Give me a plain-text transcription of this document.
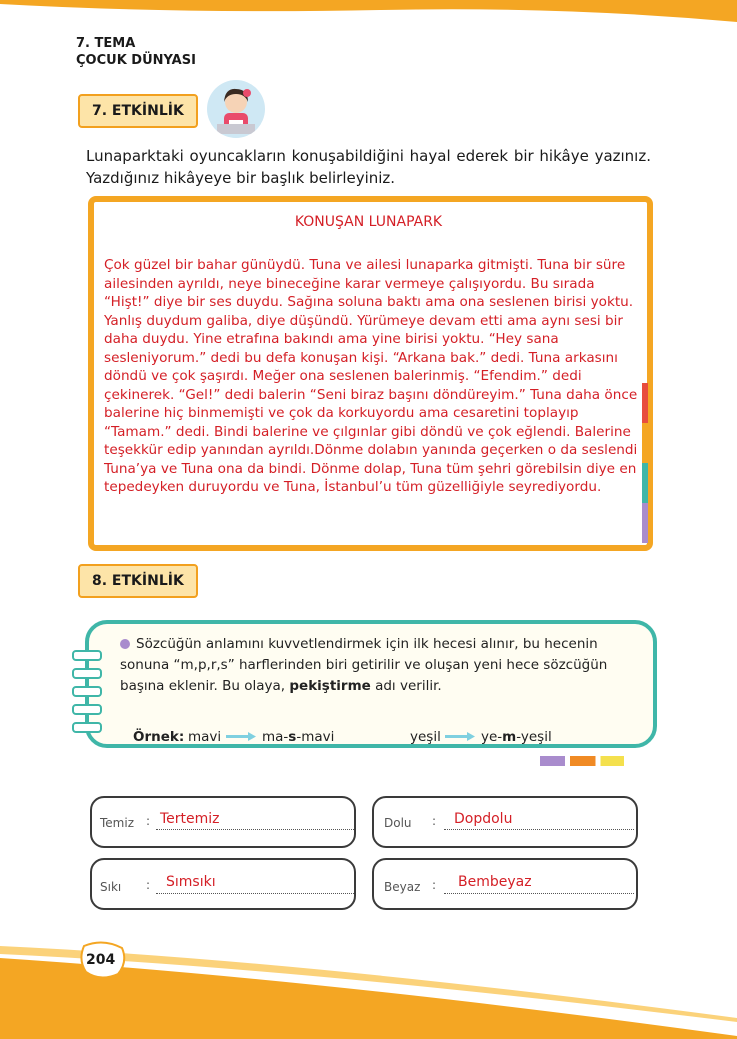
7. TEMA
ÇOCUK DÜNYASI
7. ETKİNLİK
Lunaparktaki oyuncakların konuşabildiğini hayal ederek bir hikâye yazınız. Yazdığınız hikâyeye bir başlık belirleyiniz.
KONUŞAN LUNAPARK
Çok güzel bir bahar günüydü. Tuna ve ailesi lunaparka gitmişti. Tuna bir süre ailesinden ayrıldı, neye bineceğine karar vermeye çalışıyordu. Bu sırada “Hişt!” diye bir ses duydu. Sağına soluna baktı ama ona seslenen birisi yoktu. Yanlış duydum galiba, diye düşündü. Yürümeye devam etti ama aynı sesi bir daha duydu. Yine etrafına bakındı ama yine birisi yoktu. “Hey sana sesleniyorum.” dedi bu defa konuşan kişi. “Arkana bak.” dedi. Tuna arkasını döndü ve çok şaşırdı. Meğer ona seslenen balerinmiş. “Efendim.” dedi çekinerek. “Gel!” dedi balerin “Seni biraz başını döndüreyim.” Tuna daha önce balerine hiç binmemişti ve çok da korkuyordu ama cesaretini toplayıp “Tamam.” dedi. Bindi balerine ve çılgınlar gibi döndü ve çok eğlendi. Balerine teşekkür edip yanından ayrıldı.Dönme dolabın yanında geçerken o da seslendi Tuna’ya ve Tuna ona da bindi. Dönme dolap, Tuna tüm şehri görebilsin diye en tepedeyken duruyordu ve Tuna, İstanbul’u tüm güzelliğiyle seyrediyordu.
8. ETKİNLİK
Sözcüğün anlamını kuvvetlendirmek için ilk hecesi alınır, bu hecenin sonuna “m,p,r,s” harflerinden biri getirilir ve oluşan yeni hece sözcüğün başına eklenir. Bu olaya, pekiştirme adı verilir.
Örnek: mavi	ma-s-mavi	yeşil	ye-m-yeşil
Temiz : Tertemiz	Dolu : Dopdolu
Sıkı : Sımsıkı	Beyaz : Bembeyaz
204
